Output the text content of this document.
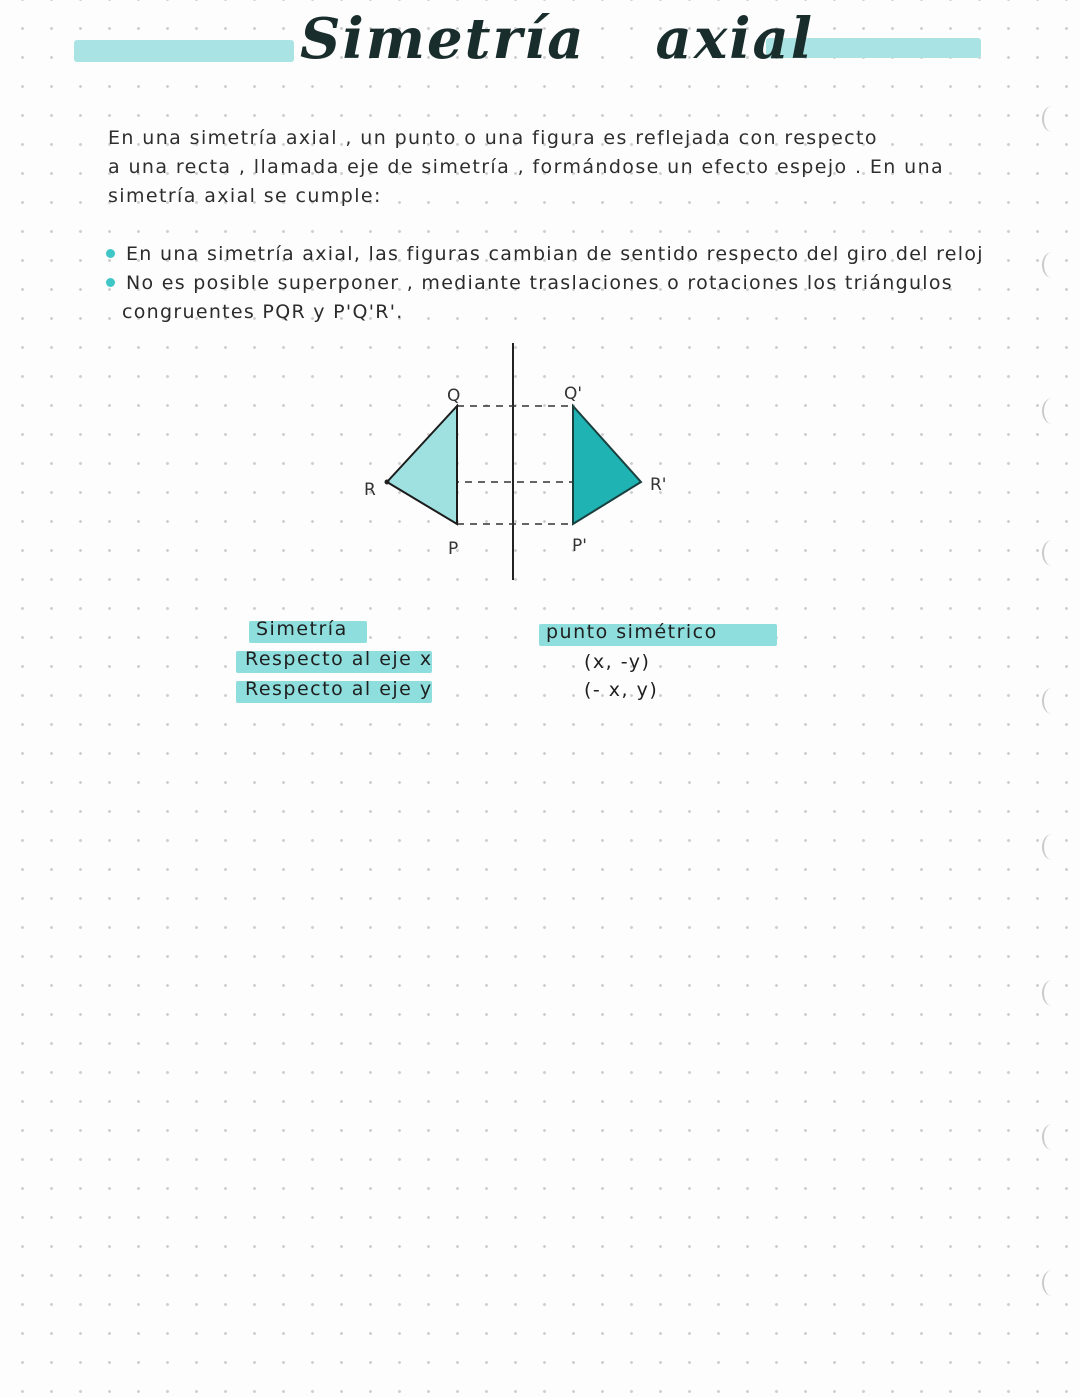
Simetría axial
En una simetría axial , un punto o una figura es reflejada con respecto
a una recta , llamada eje de simetría , formándose un efecto espejo . En una
simetría axial se cumple:
En una simetría axial, las figuras cambian de sentido respecto del giro del reloj
No es posible superponer , mediante traslaciones o rotaciones los triángulos
congruentes PQR y P'Q'R'.
Q
R
P
Q'
R'
P'
Simetría
Respecto al eje x
Respecto al eje y
punto simétrico
(x, -y)
(- x, y)
